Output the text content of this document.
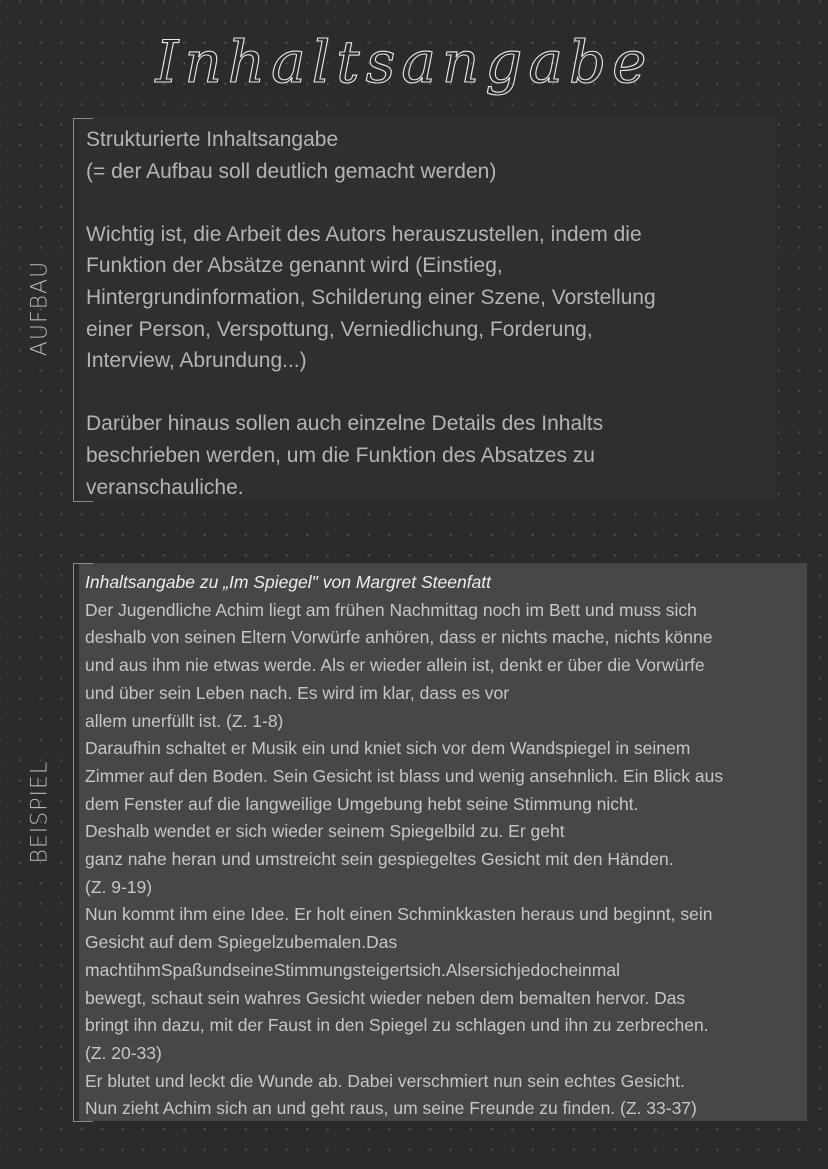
Inhaltsangabe
AUFBAU

Strukturierte Inhaltsangabe

(= der Aufbau soll deutlich gemacht werden)

Wichtig ist, die Arbeit des Autors herauszustellen, indem die

Funktion der Absätze genannt wird (Einstieg,

Hintergrundinformation, Schilderung einer Szene, Vorstellung

einer Person, Verspottung, Verniedlichung, Forderung,

Interview, Abrundung...)

Darüber hinaus sollen auch einzelne Details des Inhalts

beschrieben werden, um die Funktion des Absatzes zu

veranschauliche.

BEISPIEL

Inhaltsangabe zu „Im Spiegel" von Margret Steenfatt

Der Jugendliche Achim liegt am frühen Nachmittag noch im Bett und muss sich

deshalb von seinen Eltern Vorwürfe anhören, dass er nichts mache, nichts könne

und aus ihm nie etwas werde. Als er wieder allein ist, denkt er über die Vorwürfe

und über sein Leben nach. Es wird im klar, dass es vor

allem unerfüllt ist. (Z. 1-8)

Daraufhin schaltet er Musik ein und kniet sich vor dem Wandspiegel in seinem

Zimmer auf den Boden. Sein Gesicht ist blass und wenig ansehnlich. Ein Blick aus

dem Fenster auf die langweilige Umgebung hebt seine Stimmung nicht.

Deshalb wendet er sich wieder seinem Spiegelbild zu. Er geht

ganz nahe heran und umstreicht sein gespiegeltes Gesicht mit den Händen.

(Z. 9-19)

Nun kommt ihm eine Idee. Er holt einen Schminkkasten heraus und beginnt, sein

Gesicht auf dem Spiegelzubemalen.Das

machtihmSpaßundseineStimmungsteigertsich.Alsersichjedocheinmal

bewegt, schaut sein wahres Gesicht wieder neben dem bemalten hervor. Das

bringt ihn dazu, mit der Faust in den Spiegel zu schlagen und ihn zu zerbrechen.

(Z. 20-33)

Er blutet und leckt die Wunde ab. Dabei verschmiert nun sein echtes Gesicht.

Nun zieht Achim sich an und geht raus, um seine Freunde zu finden. (Z. 33-37)
